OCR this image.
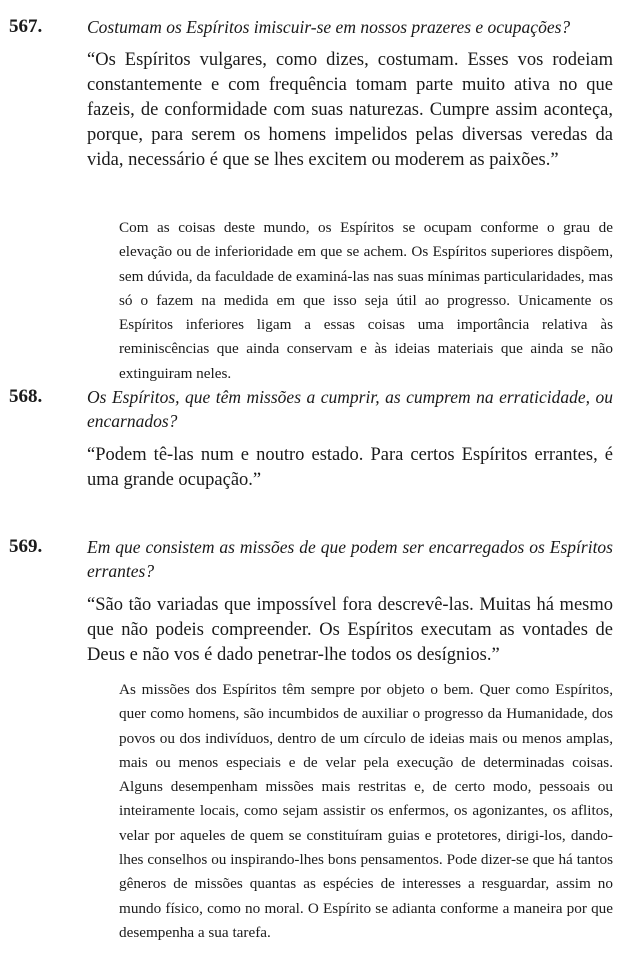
567.	Costumam os Espíritos imiscuir-se em nossos prazeres e ocupações?

“Os Espíritos vulgares, como dizes, costumam. Esses vos rodeiam constantemente e com frequência tomam parte muito ativa no que fazeis, de conformidade com suas naturezas. Cumpre assim aconteça, porque, para serem os homens impelidos pelas diversas veredas da vida, necessário é que se lhes excitem ou moderem as paixões.”

Com as coisas deste mundo, os Espíritos se ocupam conforme o grau de elevação ou de inferioridade em que se achem. Os Espíritos superiores dispõem, sem dúvida, da faculdade de examiná-las nas suas mínimas particularidades, mas só o fazem na medida em que isso seja útil ao progresso. Unicamente os Espíritos inferiores ligam a essas coisas uma importância relativa às reminiscências que ainda conservam e às ideias materiais que ainda se não extinguiram neles.

568.	Os Espíritos, que têm missões a cumprir, as cumprem na erraticidade, ou encarnados?

“Podem tê-las num e noutro estado. Para certos Espíritos errantes, é uma grande ocupação.”

569.	Em que consistem as missões de que podem ser encarregados os Espíritos errantes?

“São tão variadas que impossível fora descrevê-las. Muitas há mesmo que não podeis compreender. Os Espíritos executam as vontades de Deus e não vos é dado penetrar-lhe todos os desígnios.”

As missões dos Espíritos têm sempre por objeto o bem. Quer como Espíritos, quer como homens, são incumbidos de auxiliar o progresso da Humanidade, dos povos ou dos indivíduos, dentro de um círculo de ideias mais ou menos amplas, mais ou menos especiais e de velar pela execução de determinadas coisas. Alguns desempenham missões mais restritas e, de certo modo, pessoais ou inteiramente locais, como sejam assistir os enfermos, os agonizantes, os aflitos, velar por aqueles de quem se constituíram guias e protetores, dirigi-los, dando-lhes conselhos ou inspirando-lhes bons pensamentos. Pode dizer-se que há tantos gêneros de missões quantas as espécies de interesses a resguardar, assim no mundo físico, como no moral. O Espírito se adianta conforme a maneira por que desempenha a sua tarefa.
